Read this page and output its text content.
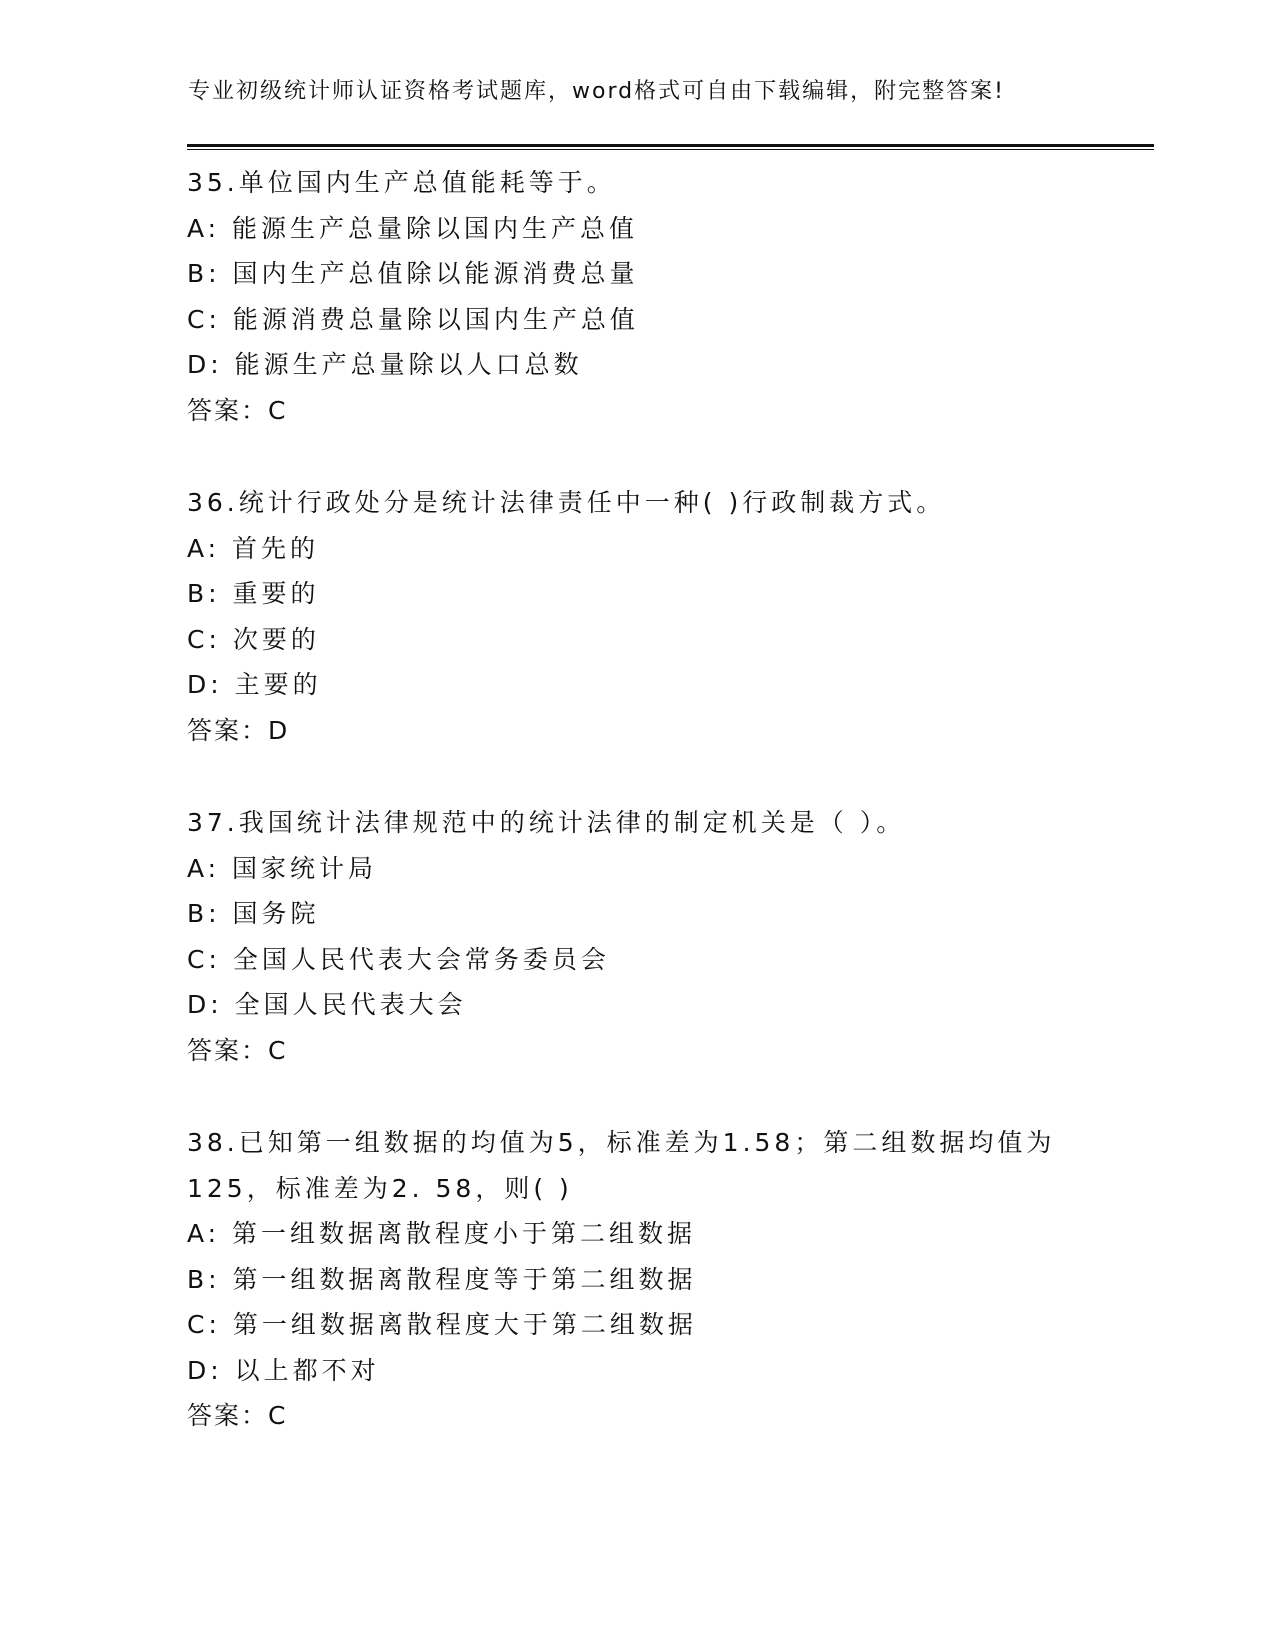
专业初级统计师认证资格考试题库，word格式可自由下载编辑，附完整答案!
35.单位国内生产总值能耗等于。
A: 能源生产总量除以国内生产总值
B: 国内生产总值除以能源消费总量
C: 能源消费总量除以国内生产总值
D: 能源生产总量除以人口总数
答案：C
36.统计行政处分是统计法律责任中一种( )行政制裁方式。
A: 首先的
B: 重要的
C: 次要的
D: 主要的
答案：D
37.我国统计法律规范中的统计法律的制定机关是（ ）。
A: 国家统计局
B: 国务院
C: 全国人民代表大会常务委员会
D: 全国人民代表大会
答案：C
38.已知第一组数据的均值为5，标准差为1.58；第二组数据均值为
125，标准差为2. 58，则( )
A: 第一组数据离散程度小于第二组数据
B: 第一组数据离散程度等于第二组数据
C: 第一组数据离散程度大于第二组数据
D: 以上都不对
答案：C
